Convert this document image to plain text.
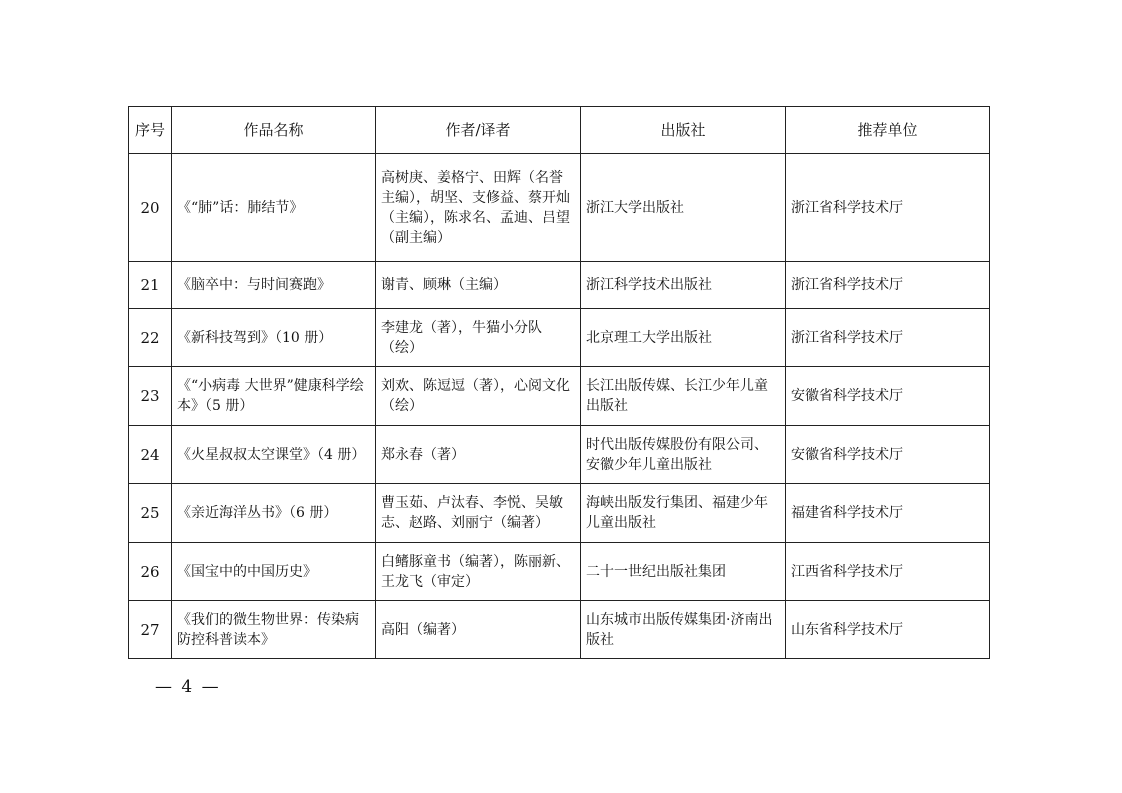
序号	作品名称	作者/译者	出版社	推荐单位
20	《“肺”话：肺结节》	高树庚、姜格宁、田辉（名誉主编），胡坚、支修益、蔡开灿（主编），陈求名、孟迪、吕望（副主编）	浙江大学出版社	浙江省科学技术厅
21	《脑卒中：与时间赛跑》	谢青、顾琳（主编）	浙江科学技术出版社	浙江省科学技术厅
22	《新科技驾到》（10 册）	李建龙（著），牛猫小分队（绘）	北京理工大学出版社	浙江省科学技术厅
23	《“小病毒 大世界”健康科学绘本》（5 册）	刘欢、陈逗逗（著），心阅文化（绘）	长江出版传媒、长江少年儿童出版社	安徽省科学技术厅
24	《火星叔叔太空课堂》（4 册）	郑永春（著）	时代出版传媒股份有限公司、安徽少年儿童出版社	安徽省科学技术厅
25	《亲近海洋丛书》（6 册）	曹玉茹、卢汰春、李悦、吴敏志、赵路、刘丽宁（编著）	海峡出版发行集团、福建少年儿童出版社	福建省科学技术厅
26	《国宝中的中国历史》	白鳍豚童书（编著），陈丽新、王龙飞（审定）	二十一世纪出版社集团	江西省科学技术厅
27	《我们的微生物世界：传染病防控科普读本》	高阳（编著）	山东城市出版传媒集团·济南出版社	山东省科学技术厅
— 4 —
